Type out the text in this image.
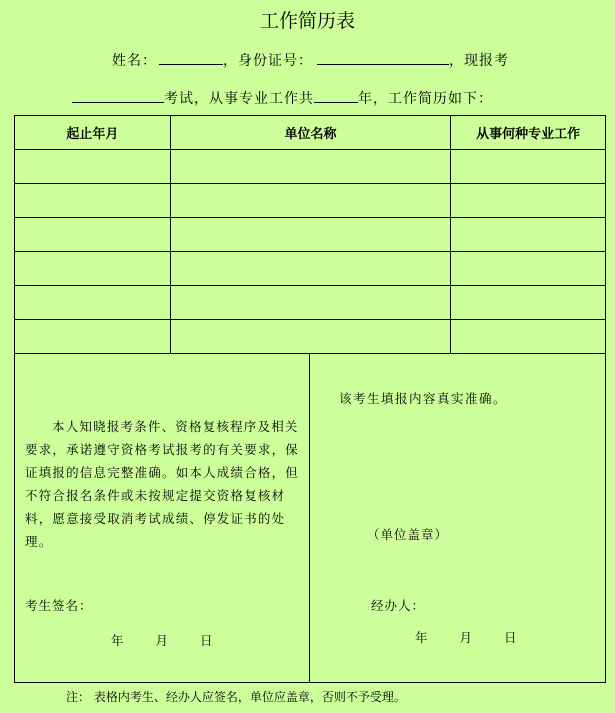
工作简历表
姓名：	，身份证号：	，现报考
考试，从事专业工作共	年，工作简历如下：
起止年月	单位名称	从事何种专业工作

本人知晓报考条件、资格复核程序及相关要求，承诺遵守资格考试报考的有关要求，保证填报的信息完整准确。如本人成绩合格，但不符合报名条件或未按规定提交资格复核材料，愿意接受取消考试成绩、停发证书的处理。
考生签名：
年	月	日
该考生填报内容真实准确。
（单位盖章）
经办人：
年	月	日
注： 表格内考生、经办人应签名，单位应盖章，否则不予受理。
